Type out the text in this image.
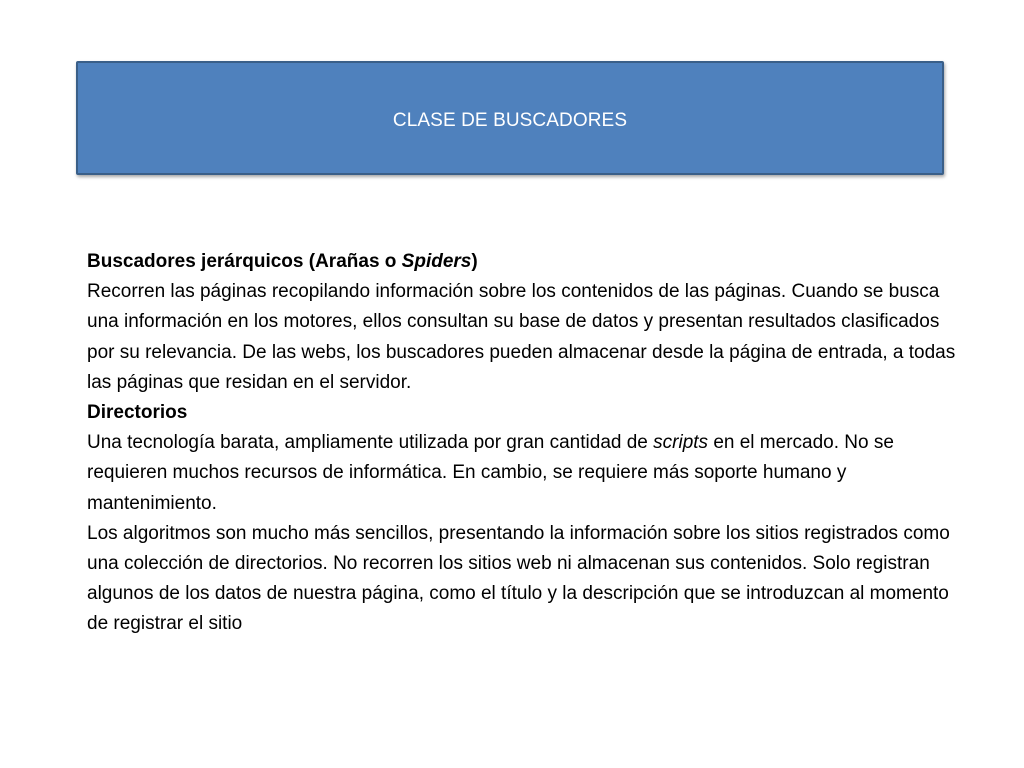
CLASE DE BUSCADORES

Buscadores jerárquicos (Arañas o Spiders)

Recorren las páginas recopilando información sobre los contenidos de las páginas. Cuando se busca una información en los motores, ellos consultan su base de datos y presentan resultados clasificados por su relevancia. De las webs, los buscadores pueden almacenar desde la página de entrada, a todas las páginas que residan en el servidor.

Directorios

Una tecnología barata, ampliamente utilizada por gran cantidad de scripts en el mercado. No se requieren muchos recursos de informática. En cambio, se requiere más soporte humano y mantenimiento.

Los algoritmos son mucho más sencillos, presentando la información sobre los sitios registrados como una colección de directorios. No recorren los sitios web ni almacenan sus contenidos. Solo registran algunos de los datos de nuestra página, como el título y la descripción que se introduzcan al momento de registrar el sitio
